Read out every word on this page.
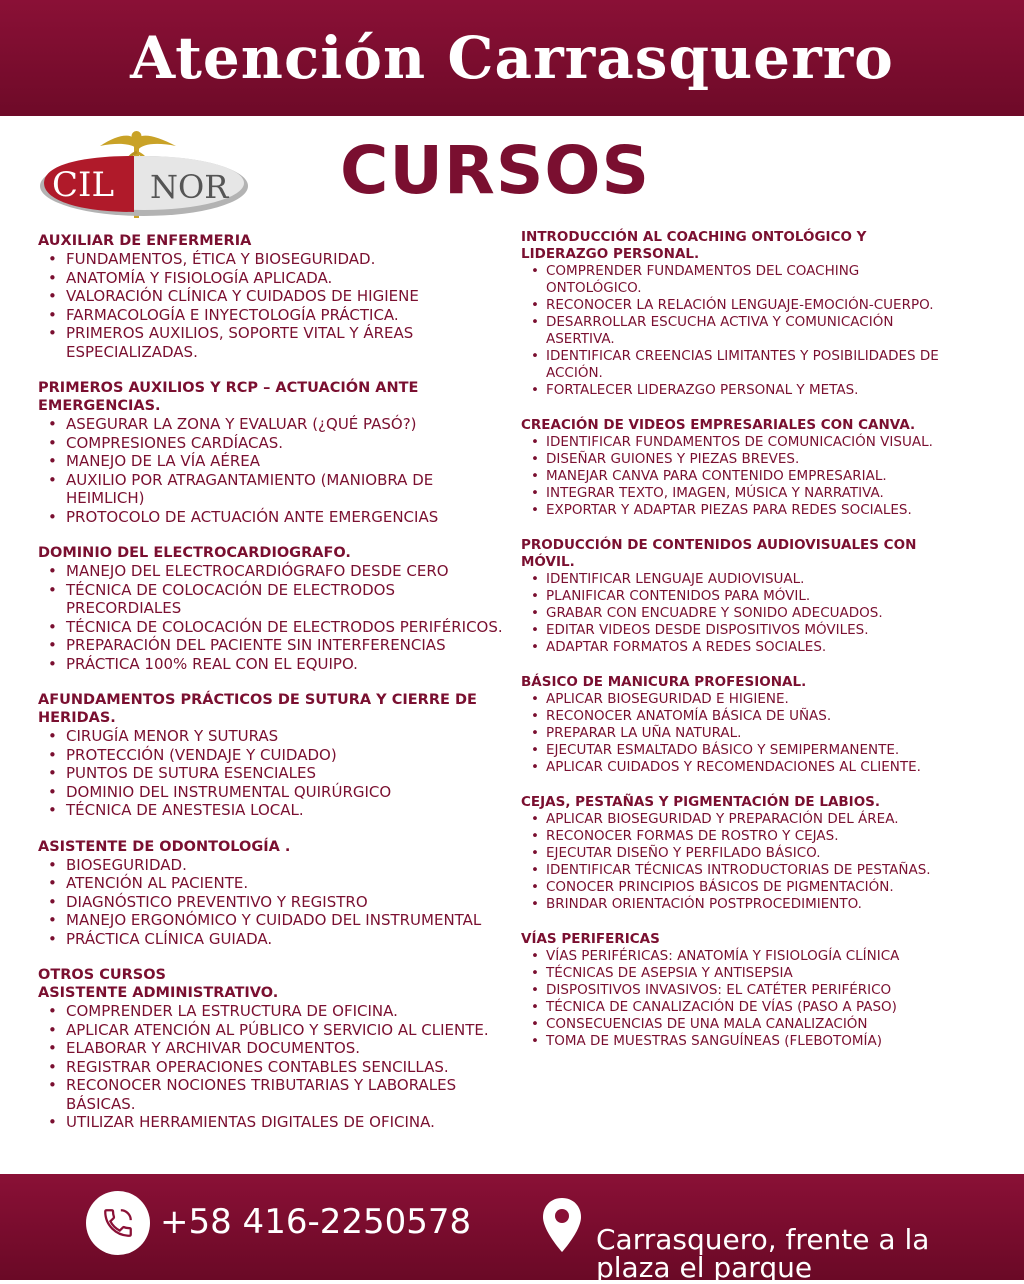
Atención Carrasquerro
CIL NOR CURSOS
AUXILIAR DE ENFERMERIA
• FUNDAMENTOS, ÉTICA Y BIOSEGURIDAD.
• ANATOMÍA Y FISIOLOGÍA APLICADA.
• VALORACIÓN CLÍNICA Y CUIDADOS DE HIGIENE
• FARMACOLOGÍA E INYECTOLOGÍA PRÁCTICA.
• PRIMEROS AUXILIOS, SOPORTE VITAL Y ÁREAS ESPECIALIZADAS.
PRIMEROS AUXILIOS Y RCP – ACTUACIÓN ANTE EMERGENCIAS.
• ASEGURAR LA ZONA Y EVALUAR (¿QUÉ PASÓ?)
• COMPRESIONES CARDÍACAS.
• MANEJO DE LA VÍA AÉREA
• AUXILIO POR ATRAGANTAMIENTO (MANIOBRA DE HEIMLICH)
• PROTOCOLO DE ACTUACIÓN ANTE EMERGENCIAS
DOMINIO DEL ELECTROCARDIOGRAFO.
• MANEJO DEL ELECTROCARDIÓGRAFO DESDE CERO
• TÉCNICA DE COLOCACIÓN DE ELECTRODOS PRECORDIALES
• TÉCNICA DE COLOCACIÓN DE ELECTRODOS PERIFÉRICOS.
• PREPARACIÓN DEL PACIENTE SIN INTERFERENCIAS
• PRÁCTICA 100% REAL CON EL EQUIPO.
AFUNDAMENTOS PRÁCTICOS DE SUTURA Y CIERRE DE HERIDAS.
• CIRUGÍA MENOR Y SUTURAS
• PROTECCIÓN (VENDAJE Y CUIDADO)
• PUNTOS DE SUTURA ESENCIALES
• DOMINIO DEL INSTRUMENTAL QUIRÚRGICO
• TÉCNICA DE ANESTESIA LOCAL.
ASISTENTE DE ODONTOLOGÍA .
• BIOSEGURIDAD.
• ATENCIÓN AL PACIENTE.
• DIAGNÓSTICO PREVENTIVO Y REGISTRO
• MANEJO ERGONÓMICO Y CUIDADO DEL INSTRUMENTAL
• PRÁCTICA CLÍNICA GUIADA.
OTROS CURSOS
ASISTENTE ADMINISTRATIVO.
• COMPRENDER LA ESTRUCTURA DE OFICINA.
• APLICAR ATENCIÓN AL PÚBLICO Y SERVICIO AL CLIENTE.
• ELABORAR Y ARCHIVAR DOCUMENTOS.
• REGISTRAR OPERACIONES CONTABLES SENCILLAS.
• RECONOCER NOCIONES TRIBUTARIAS Y LABORALES BÁSICAS.
• UTILIZAR HERRAMIENTAS DIGITALES DE OFICINA.
INTRODUCCIÓN AL COACHING ONTOLÓGICO Y LIDERAZGO PERSONAL.
• COMPRENDER FUNDAMENTOS DEL COACHING ONTOLÓGICO.
• RECONOCER LA RELACIÓN LENGUAJE-EMOCIÓN-CUERPO.
• DESARROLLAR ESCUCHA ACTIVA Y COMUNICACIÓN ASERTIVA.
• IDENTIFICAR CREENCIAS LIMITANTES Y POSIBILIDADES DE ACCIÓN.
• FORTALECER LIDERAZGO PERSONAL Y METAS.
CREACIÓN DE VIDEOS EMPRESARIALES CON CANVA.
• IDENTIFICAR FUNDAMENTOS DE COMUNICACIÓN VISUAL.
• DISEÑAR GUIONES Y PIEZAS BREVES.
• MANEJAR CANVA PARA CONTENIDO EMPRESARIAL.
• INTEGRAR TEXTO, IMAGEN, MÚSICA Y NARRATIVA.
• EXPORTAR Y ADAPTAR PIEZAS PARA REDES SOCIALES.
PRODUCCIÓN DE CONTENIDOS AUDIOVISUALES CON MÓVIL.
• IDENTIFICAR LENGUAJE AUDIOVISUAL.
• PLANIFICAR CONTENIDOS PARA MÓVIL.
• GRABAR CON ENCUADRE Y SONIDO ADECUADOS.
• EDITAR VIDEOS DESDE DISPOSITIVOS MÓVILES.
• ADAPTAR FORMATOS A REDES SOCIALES.
BÁSICO DE MANICURA PROFESIONAL.
• APLICAR BIOSEGURIDAD E HIGIENE.
• RECONOCER ANATOMÍA BÁSICA DE UÑAS.
• PREPARAR LA UÑA NATURAL.
• EJECUTAR ESMALTADO BÁSICO Y SEMIPERMANENTE.
• APLICAR CUIDADOS Y RECOMENDACIONES AL CLIENTE.
CEJAS, PESTAÑAS Y PIGMENTACIÓN DE LABIOS.
• APLICAR BIOSEGURIDAD Y PREPARACIÓN DEL ÁREA.
• RECONOCER FORMAS DE ROSTRO Y CEJAS.
• EJECUTAR DISEÑO Y PERFILADO BÁSICO.
• IDENTIFICAR TÉCNICAS INTRODUCTORIAS DE PESTAÑAS.
• CONOCER PRINCIPIOS BÁSICOS DE PIGMENTACIÓN.
• BRINDAR ORIENTACIÓN POSTPROCEDIMIENTO.
VÍAS PERIFERICAS
• VÍAS PERIFÉRICAS: ANATOMÍA Y FISIOLOGÍA CLÍNICA
• TÉCNICAS DE ASEPSIA Y ANTISEPSIA
• DISPOSITIVOS INVASIVOS: EL CATÉTER PERIFÉRICO
• TÉCNICA DE CANALIZACIÓN DE VÍAS (PASO A PASO)
• CONSECUENCIAS DE UNA MALA CANALIZACIÓN
• TOMA DE MUESTRAS SANGUÍNEAS (FLEBOTOMÍA)
+58 416-2250578	Carrasquero, frente a la plaza el parque
